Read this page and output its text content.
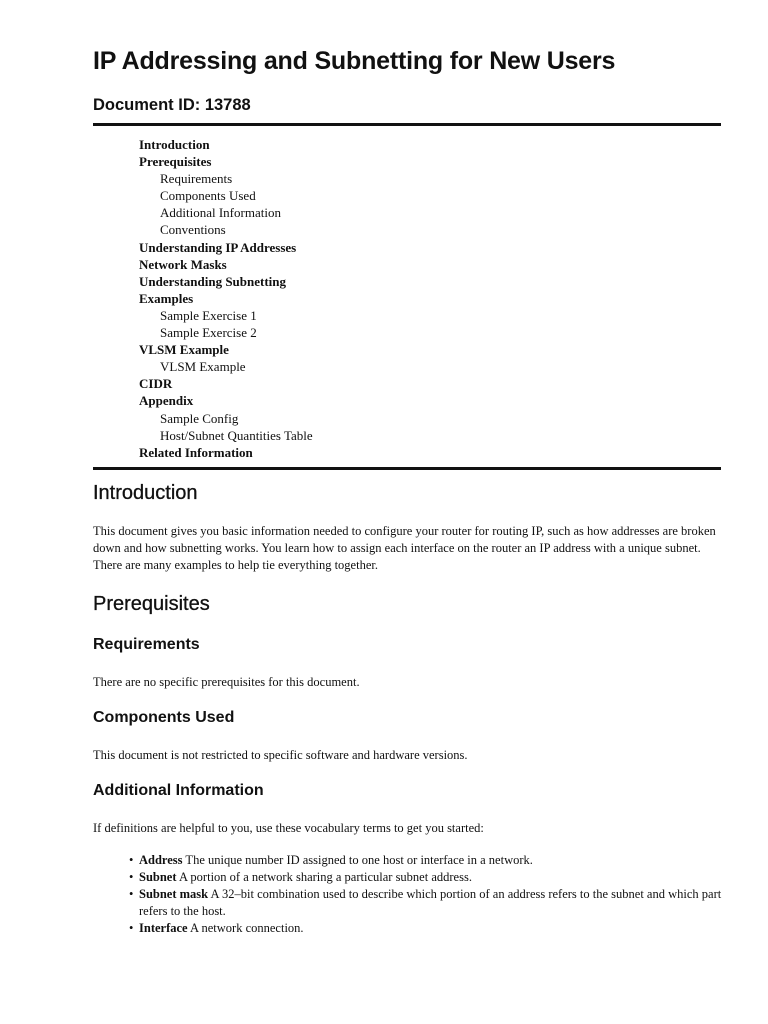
IP Addressing and Subnetting for New Users
Document ID: 13788
Introduction
Prerequisites
Requirements
Components Used
Additional Information
Conventions
Understanding IP Addresses
Network Masks
Understanding Subnetting
Examples
Sample Exercise 1
Sample Exercise 2
VLSM Example
VLSM Example
CIDR
Appendix
Sample Config
Host/Subnet Quantities Table
Related Information
Introduction

This document gives you basic information needed to configure your router for routing IP, such as how addresses are broken down and how subnetting works. You learn how to assign each interface on the router an IP address with a unique subnet. There are many examples to help tie everything together.

Prerequisites
Requirements

There are no specific prerequisites for this document.

Components Used

This document is not restricted to specific software and hardware versions.

Additional Information

If definitions are helpful to you, use these vocabulary terms to get you started:

• Address The unique number ID assigned to one host or interface in a network.
• Subnet A portion of a network sharing a particular subnet address.
• Subnet mask A 32–bit combination used to describe which portion of an address refers to the subnet and which part refers to the host.
• Interface A network connection.
